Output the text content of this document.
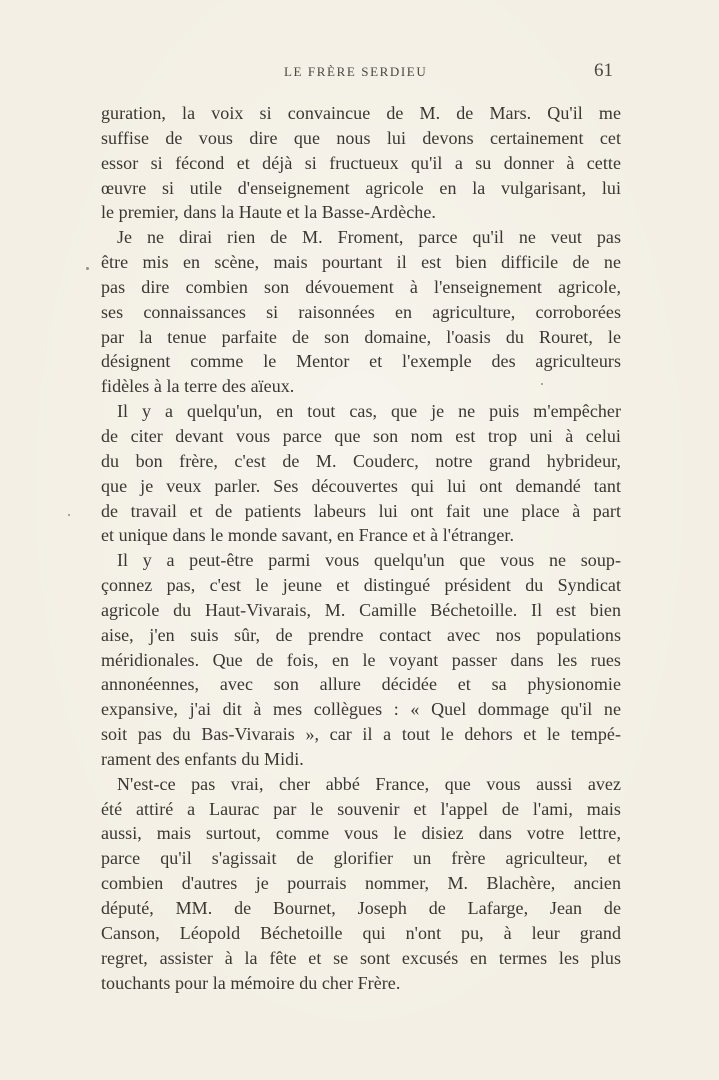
LE FRÈRE SERDIEU	61
guration, la voix si convaincue de M. de Mars. Qu'il me
suffise de vous dire que nous lui devons certainement cet
essor si fécond et déjà si fructueux qu'il a su donner à cette
œuvre si utile d'enseignement agricole en la vulgarisant, lui
le premier, dans la Haute et la Basse-Ardèche.
Je ne dirai rien de M. Froment, parce qu'il ne veut pas
être mis en scène, mais pourtant il est bien difficile de ne
pas dire combien son dévouement à l'enseignement agricole,
ses connaissances si raisonnées en agriculture, corroborées
par la tenue parfaite de son domaine, l'oasis du Rouret, le
désignent comme le Mentor et l'exemple des agriculteurs
fidèles à la terre des aïeux.
Il y a quelqu'un, en tout cas, que je ne puis m'empêcher
de citer devant vous parce que son nom est trop uni à celui
du bon frère, c'est de M. Couderc, notre grand hybrideur,
que je veux parler. Ses découvertes qui lui ont demandé tant
de travail et de patients labeurs lui ont fait une place à part
et unique dans le monde savant, en France et à l'étranger.
Il y a peut-être parmi vous quelqu'un que vous ne soup-
çonnez pas, c'est le jeune et distingué président du Syndicat
agricole du Haut-Vivarais, M. Camille Béchetoille. Il est bien
aise, j'en suis sûr, de prendre contact avec nos populations
méridionales. Que de fois, en le voyant passer dans les rues
annonéennes, avec son allure décidée et sa physionomie
expansive, j'ai dit à mes collègues : « Quel dommage qu'il ne
soit pas du Bas-Vivarais », car il a tout le dehors et le tempé-
rament des enfants du Midi.
N'est-ce pas vrai, cher abbé France, que vous aussi avez
été attiré a Laurac par le souvenir et l'appel de l'ami, mais
aussi, mais surtout, comme vous le disiez dans votre lettre,
parce qu'il s'agissait de glorifier un frère agriculteur, et
combien d'autres je pourrais nommer, M. Blachère, ancien
député, MM. de Bournet, Joseph de Lafarge, Jean de
Canson, Léopold Béchetoille qui n'ont pu, à leur grand
regret, assister à la fête et se sont excusés en termes les plus
touchants pour la mémoire du cher Frère.
